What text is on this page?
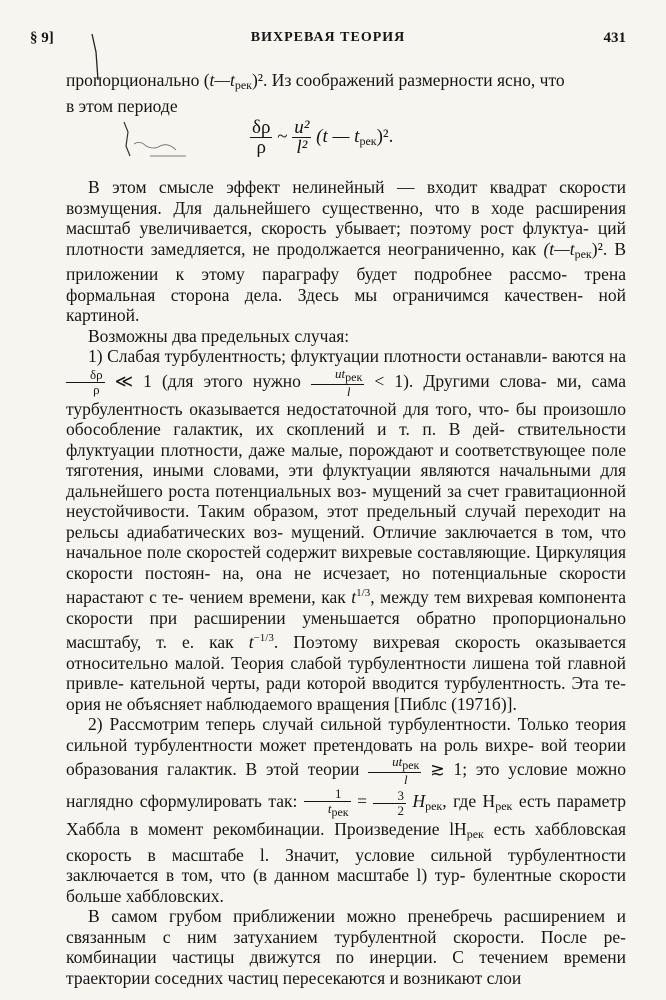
§ 9]	ВИХРЕВАЯ ТЕОРИЯ	431

пропорционально $(t—t_{рек})^2$. Из соображений размерности ясно, что

в этом периоде

$\frac{\delta\rho}{\rho}$ ~ $\frac{\text{u²}}{\text{l²}} (t$ — $t_{рек})^2$.

В этом смысле эффект нелинейный — входит квадрат скорости возмущения. Для дальнейшего существенно, что в ходе расширения масштаб увеличивается, скорость убывает; поэтому рост флуктуа- ций плотности замедляется, не продолжается неограниченно, как $(t—t_{рек})^2$. В приложении к этому параграфу будет подробнее рассмо- трена формальная сторона дела. Здесь мы ограничимся качествен- ной картиной.

Возможны два предельных случая:

1) Слабая турбулентность; флуктуации плотности останавли- ваются на
$\frac{\delta\rho}{\rho}$ ≪ 1 (для этого нужно $\frac{\text{utрек}}{l} < 1$). Другими слова- ми, сама турбулентность оказывается недостаточной для того, что- бы произошло обособление галактик, их скоплений и т. п. В дей- ствительности флуктуации плотности, даже малые, порождают и соответствующее поле тяготения, иными словами, эти флуктуации являются начальными для дальнейшего роста потенциальных воз- мущений за счет гравитационной неустойчивости. Таким образом, этот предельный случай переходит на рельсы адиабатических воз- мущений. Отличие заключается в том, что начальное поле скоростей содержит вихревые составляющие. Циркуляция скорости постоян- на, она не исчезает, но потенциальные скорости нарастают с те- чением времени, как $t^{1/3}$, между тем вихревая компонента скорости при расширении уменьшается обратно пропорционально масштабу, т. е. как $t^{-1/3}$. Поэтому вихревая скорость оказывается относительно малой. Теория слабой турбулентности лишена той главной привле- кательной черты, ради которой вводится турбулентность. Эта те- ория не объясняет наблюдаемого вращения [Пиблс (1971б)].

2) Рассмотрим теперь случай сильной турбулентности. Только теория сильной турбулентности может претендовать на роль вихре- вой теории образования галактик. В этой теории $\frac{\text{utрек}}{l}$ ≳ 1; это условие можно наглядно сформулировать так: $\frac{1}{\text{tрек}} = \frac{3}{2} H_{рек}$, где $H_{рек}$ есть параметр Хаббла в момент рекомбинации. Произведение $lH_{рек}$ есть хаббловская скорость в масштабе l. Значит, условие сильной турбулентности заключается в том, что (в данном масштабе l) тур- булентные скорости больше хаббловских.

В самом грубом приближении можно пренебречь расширением и связанным с ним затуханием турбулентной скорости. После ре- комбинации частицы движутся по инерции. С течением времени траектории соседних частиц пересекаются и возникают слои
